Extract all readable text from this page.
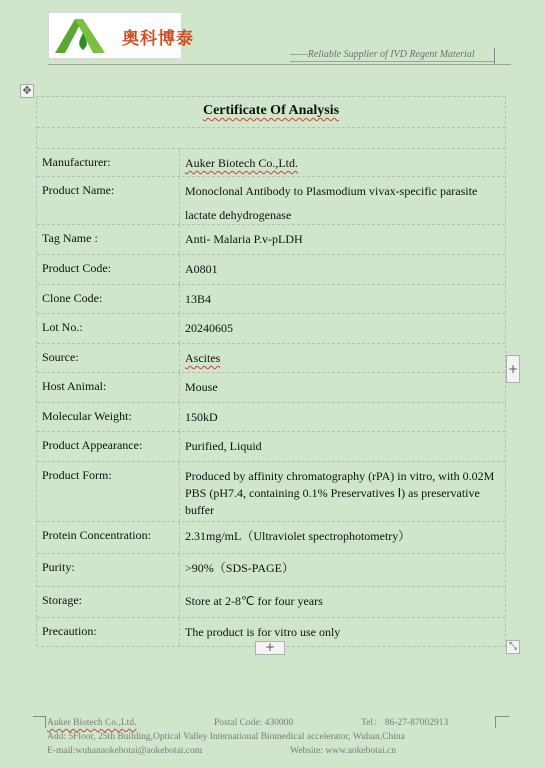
奥科博泰
——Reliable Supplier of IVD Regent Material
✥
Certificate Of Analysis
Manufacturer:	Auker Biotech Co.,Ltd.
Product Name:	Monoclonal Antibody to Plasmodium vivax-specific parasite lactate dehydrogenase
Tag Name :	Anti- Malaria P.v-pLDH
Product Code:	A0801
Clone Code:	13B4
Lot No.:	20240605
Source:	Ascites
Host Animal:	Mouse
Molecular Weight:	150kD
Product Appearance:	Purified, Liquid
Product Form:	Produced by affinity chromatography (rPA) in vitro, with 0.02M PBS (pH7.4, containing 0.1% Preservatives Ⅰ) as preservative buffer
Protein Concentration:	2.31mg/mL（Ultraviolet spectrophotometry）
Purity:	>90%（SDS-PAGE）
Storage:	Store at 2-8℃ for four years
Precaution:	The product is for vitro use only
+
+	⤡
Auker Biotech Co.,Ltd.	Postal Code: 430000	Tel： 86-27-87002913
Add: 5Floor, 25th Building,Optical Valley International Biomedical accelerator, Wuhan,China
E-mail:wuhanaokebotai@aokebotai.com	Website: www.aokebotai.cn
